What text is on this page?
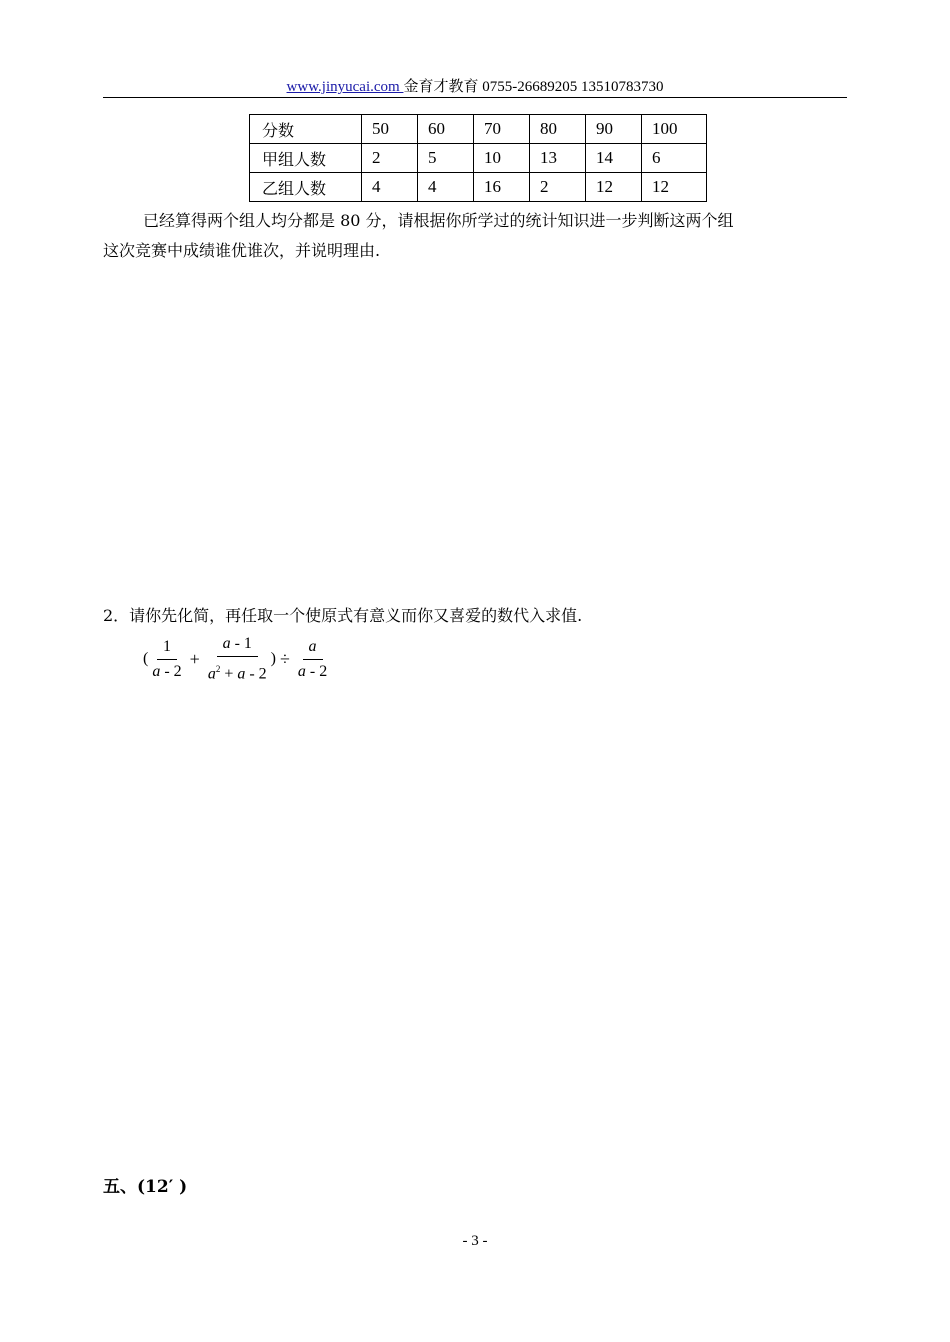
www.jinyucai.com 金育才教育 0755-26689205 13510783730
分数	50	60	70	80	90	100
甲组人数	2	5	10	13	14	6
乙组人数	4	4	16	2	12	12
已经算得两个组人均分都是 80 分，请根据你所学过的统计知识进一步判断这两个组
这次竞赛中成绩谁优谁次，并说明理由.
2．请你先化简，再任取一个使原式有意义而你又喜爱的数代入求值.
( $\frac{1}{a - 2} + \frac{a - 1}{a^2 + a - 2}$ ) ÷ $\frac{a}{a - 2}$
五、(12′ )
- 3 -
